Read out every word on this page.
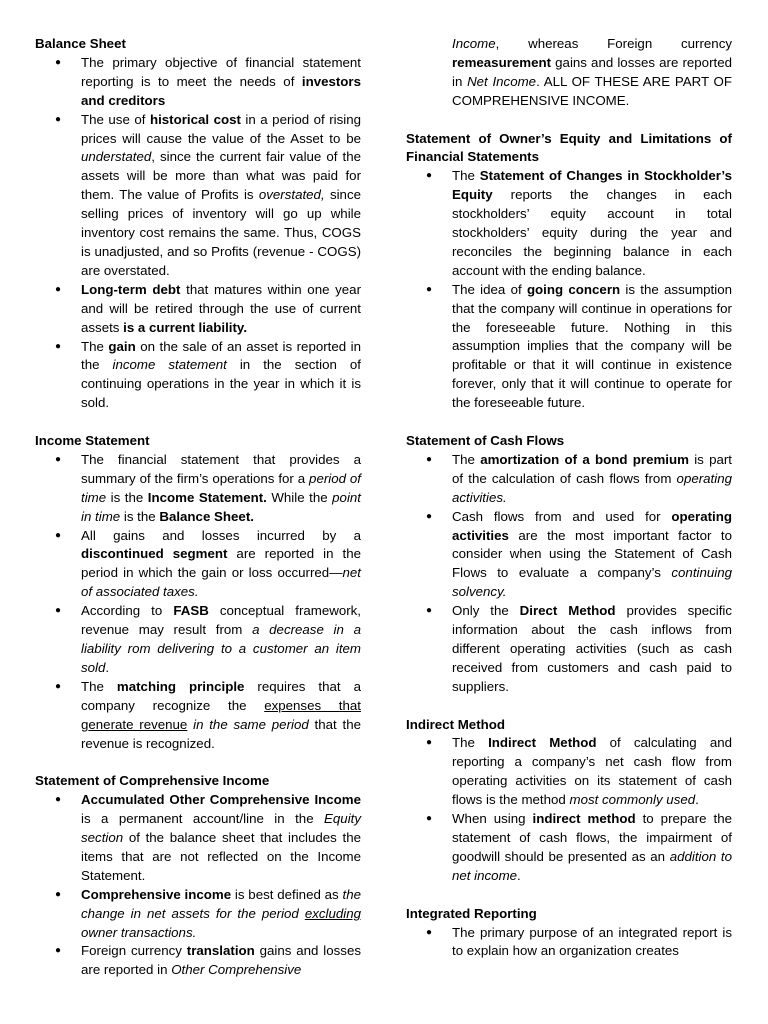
Balance Sheet
● The primary objective of financial statement reporting is to meet the needs of investors and creditors
● The use of historical cost in a period of rising prices will cause the value of the Asset to be understated, since the current fair value of the assets will be more than what was paid for them. The value of Profits is overstated, since selling prices of inventory will go up while inventory cost remains the same. Thus, COGS is unadjusted, and so Profits (revenue - COGS) are overstated.
● Long-term debt that matures within one year and will be retired through the use of current assets is a current liability.
● The gain on the sale of an asset is reported in the income statement in the section of continuing operations in the year in which it is sold.
Income Statement
● The financial statement that provides a summary of the firm’s operations for a period of time is the Income Statement. While the point in time is the Balance Sheet.
● All gains and losses incurred by a discontinued segment are reported in the period in which the gain or loss occurred—net of associated taxes.
● According to FASB conceptual framework, revenue may result from a decrease in a liability rom delivering to a customer an item sold.
● The matching principle requires that a company recognize the expenses that generate revenue in the same period that the revenue is recognized.
Statement of Comprehensive Income
● Accumulated Other Comprehensive Income is a permanent account/line in the Equity section of the balance sheet that includes the items that are not reflected on the Income Statement.
● Comprehensive income is best defined as the change in net assets for the period excluding owner transactions.
● Foreign currency translation gains and losses are reported in Other Comprehensive
Income, whereas Foreign currency remeasurement gains and losses are reported in Net Income. ALL OF THESE ARE PART OF COMPREHENSIVE INCOME.
Statement of Owner’s Equity and Limitations of Financial Statements
● The Statement of Changes in Stockholder’s Equity reports the changes in each stockholders’ equity account in total stockholders’ equity during the year and reconciles the beginning balance in each account with the ending balance.
● The idea of going concern is the assumption that the company will continue in operations for the foreseeable future. Nothing in this assumption implies that the company will be profitable or that it will continue in existence forever, only that it will continue to operate for the foreseeable future.
Statement of Cash Flows
● The amortization of a bond premium is part of the calculation of cash flows from operating activities.
● Cash flows from and used for operating activities are the most important factor to consider when using the Statement of Cash Flows to evaluate a company’s continuing solvency.
● Only the Direct Method provides specific information about the cash inflows from different operating activities (such as cash received from customers and cash paid to suppliers.
Indirect Method
● The Indirect Method of calculating and reporting a company’s net cash flow from operating activities on its statement of cash flows is the method most commonly used.
● When using indirect method to prepare the statement of cash flows, the impairment of goodwill should be presented as an addition to net income.
Integrated Reporting
● The primary purpose of an integrated report is to explain how an organization creates
